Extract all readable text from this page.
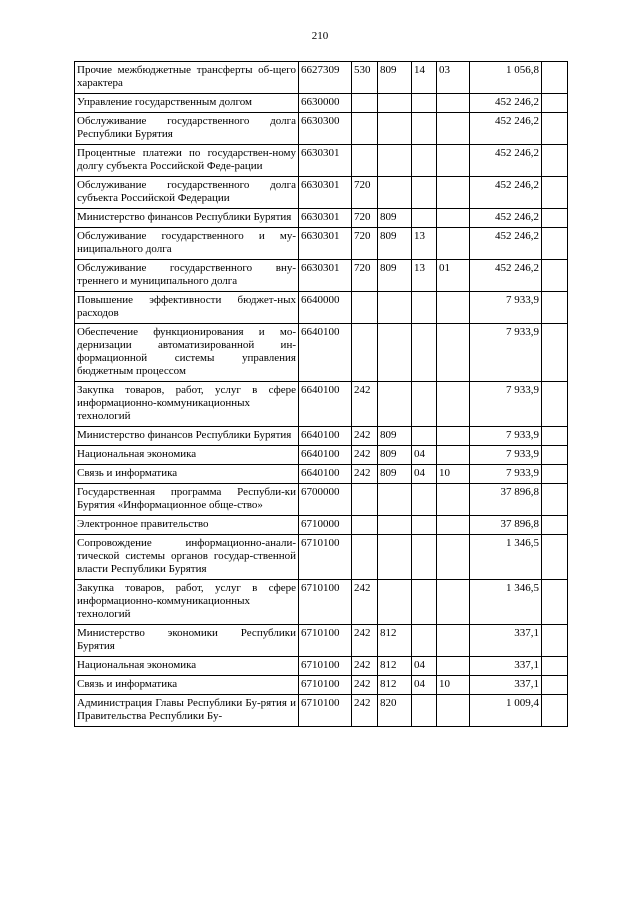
210
Прочие межбюджетные трансферты об-щего характера	6627309	530	809	14	03	1 056,8	
Управление государственным долгом	6630000					452 246,2	
Обслуживание государственного долга Республики Бурятия	6630300					452 246,2	
Процентные платежи по государствен-ному долгу субъекта Российской Феде-рации	6630301					452 246,2	
Обслуживание государственного долга субъекта Российской Федерации	6630301	720				452 246,2	
Министерство финансов Республики Бурятия	6630301	720	809			452 246,2	
Обслуживание государственного и му-ниципального долга	6630301	720	809	13		452 246,2	
Обслуживание государственного вну-треннего и муниципального долга	6630301	720	809	13	01	452 246,2	
Повышение эффективности бюджет-ных расходов	6640000					7 933,9	
Обеспечение функционирования и мо-дернизации автоматизированной ин-формационной системы управления бюджетным процессом	6640100					7 933,9	
Закупка товаров, работ, услуг в сфере информационно-коммуникационных технологий	6640100	242				7 933,9	
Министерство финансов Республики Бурятия	6640100	242	809			7 933,9	
Национальная экономика	6640100	242	809	04		7 933,9	
Связь и информатика	6640100	242	809	04	10	7 933,9	
Государственная программа Республи-ки Бурятия «Информационное обще-ство»	6700000					37 896,8	
Электронное правительство	6710000					37 896,8	
Сопровождение информационно-анали-тической системы органов государ-ственной власти Республики Бурятия	6710100					1 346,5	
Закупка товаров, работ, услуг в сфере информационно-коммуникационных технологий	6710100	242				1 346,5	
Министерство экономики Республики Бурятия	6710100	242	812			337,1	
Национальная экономика	6710100	242	812	04		337,1	
Связь и информатика	6710100	242	812	04	10	337,1	
Администрация Главы Республики Бу-рятия и Правительства Республики Бу-	6710100	242	820			1 009,4	
